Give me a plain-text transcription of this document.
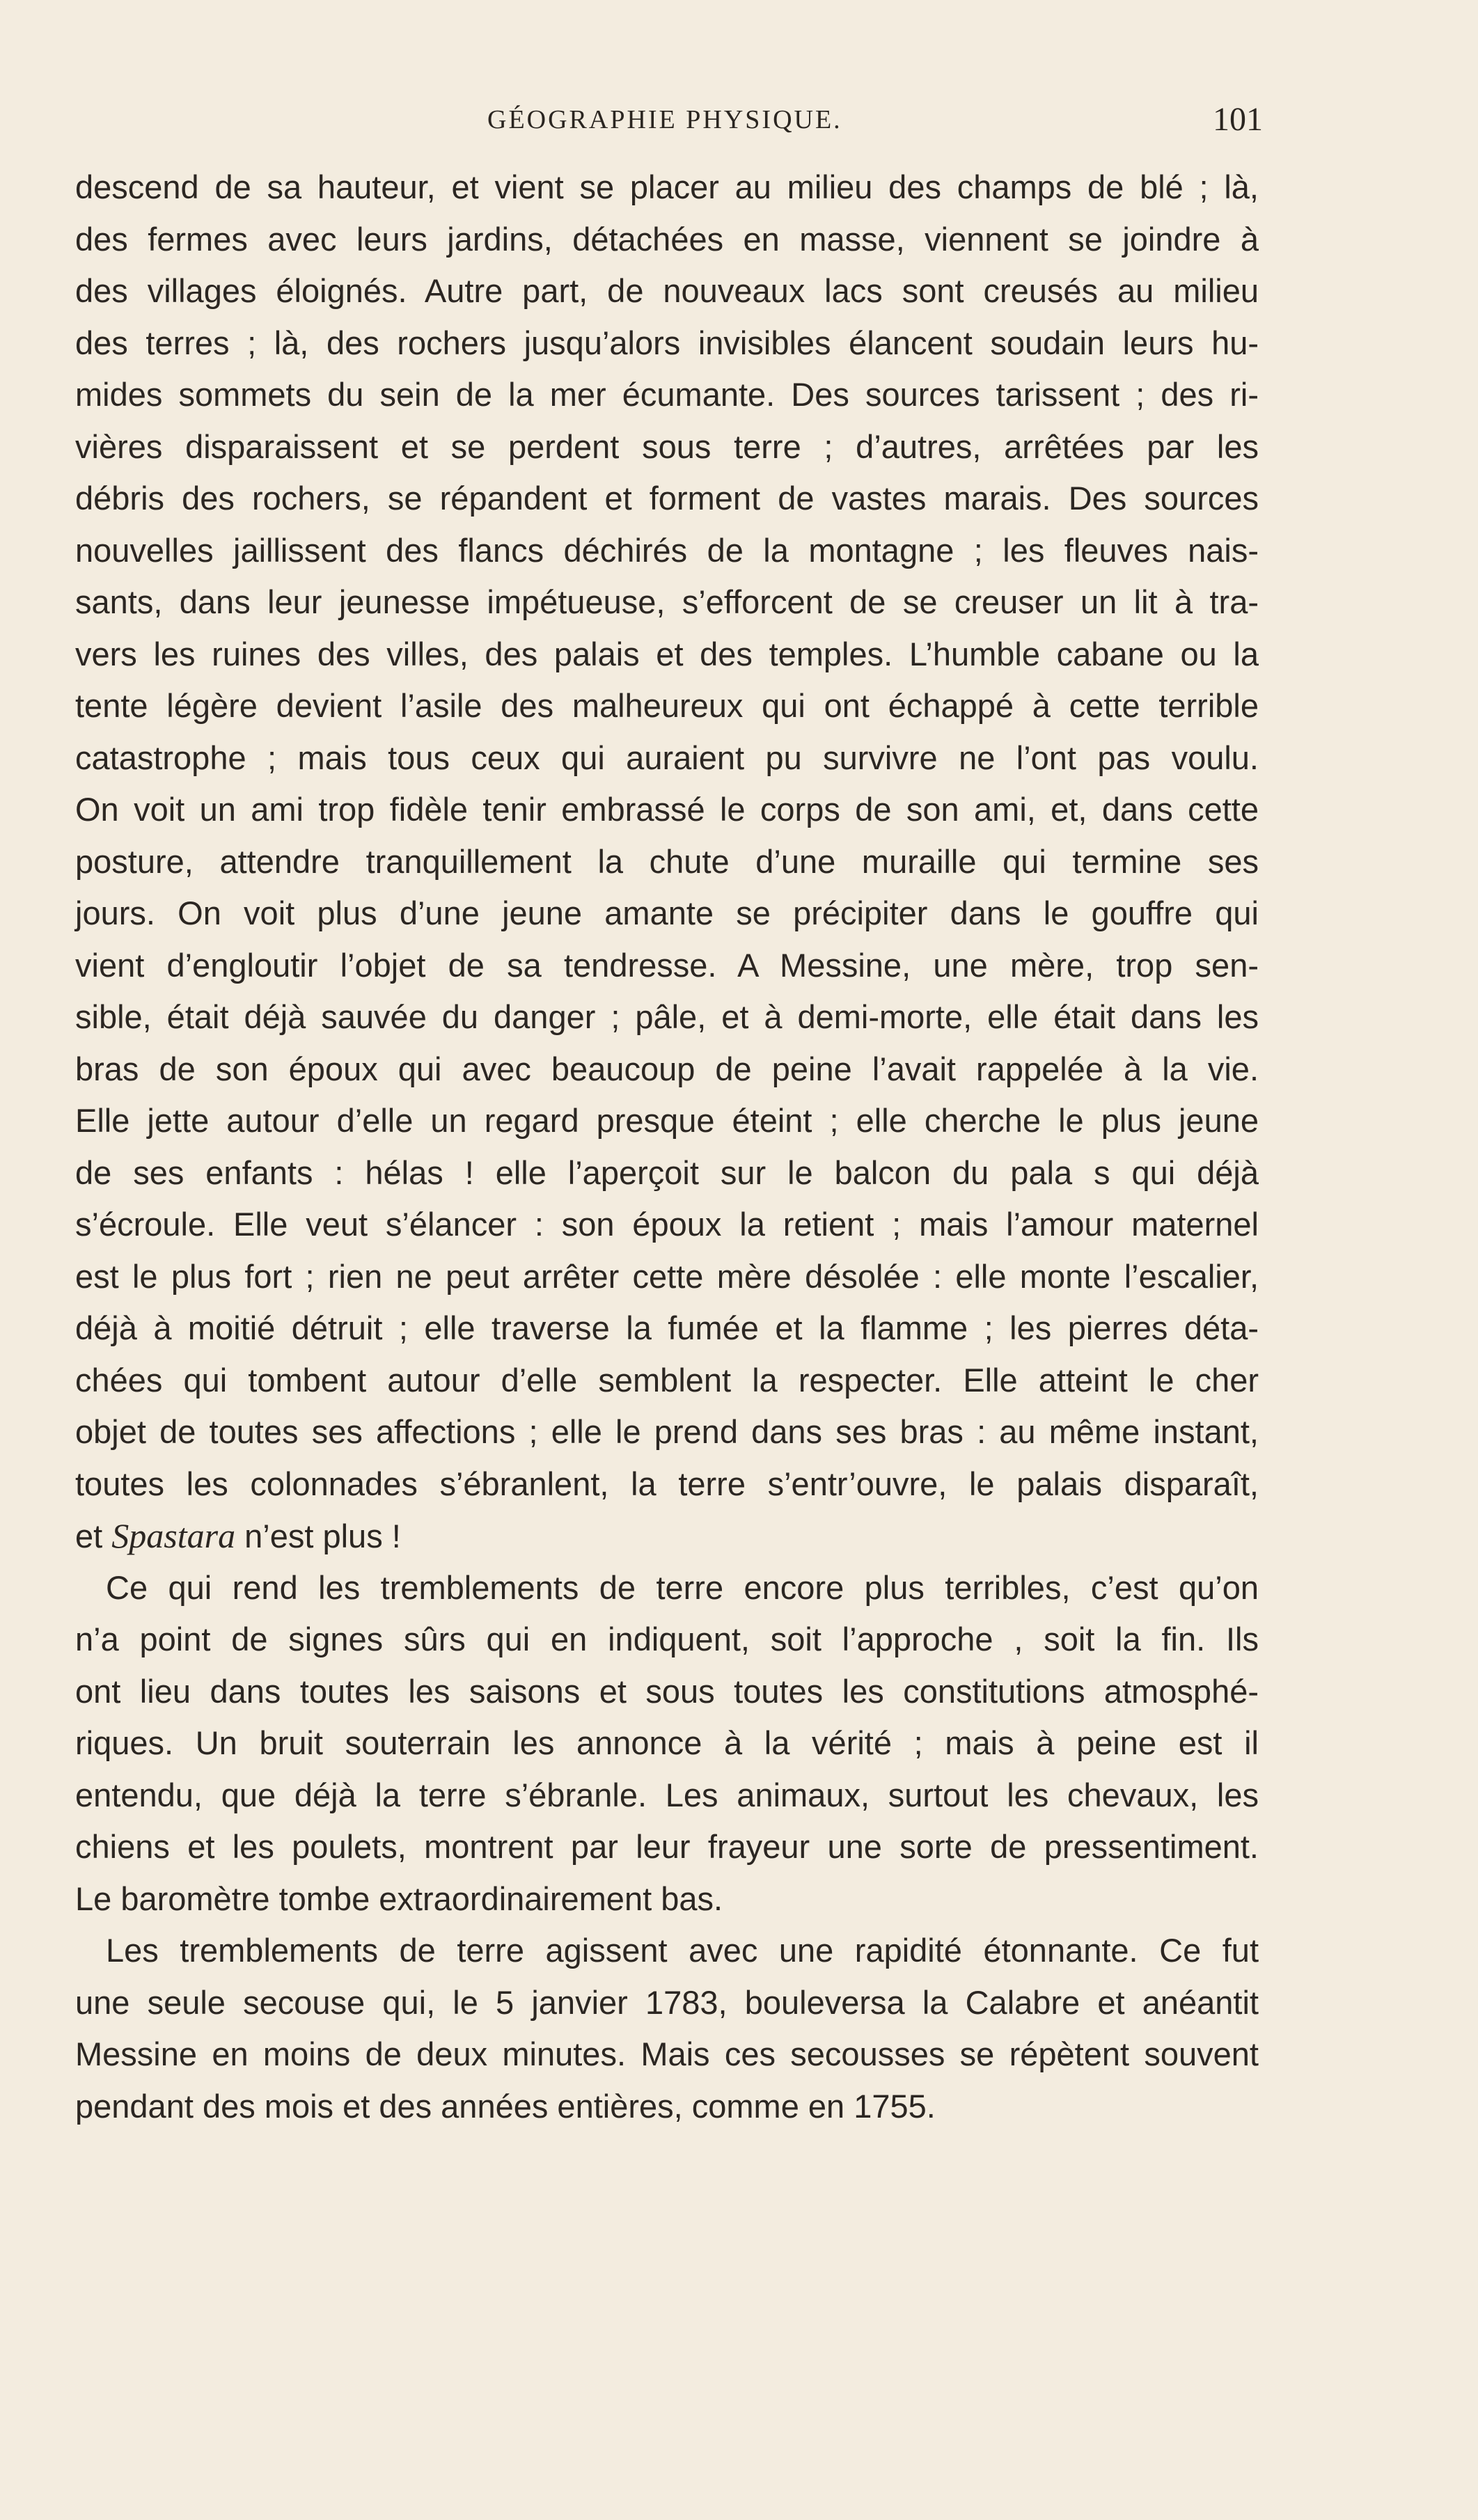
GÉOGRAPHIE PHYSIQUE.	101
descend de sa hauteur, et vient se placer au milieu des champs de blé ; là,
des fermes avec leurs jardins, détachées en masse, viennent se joindre à
des villages éloignés. Autre part, de nouveaux lacs sont creusés au milieu
des terres ; là, des rochers jusqu’alors invisibles élancent soudain leurs hu-
mides sommets du sein de la mer écumante. Des sources tarissent ; des ri-
vières disparaissent et se perdent sous terre ; d’autres, arrêtées par les
débris des rochers, se répandent et forment de vastes marais. Des sources
nouvelles jaillissent des flancs déchirés de la montagne ; les fleuves nais-
sants, dans leur jeunesse impétueuse, s’efforcent de se creuser un lit à tra-
vers les ruines des villes, des palais et des temples. L’humble cabane ou la
tente légère devient l’asile des malheureux qui ont échappé à cette terrible
catastrophe ; mais tous ceux qui auraient pu survivre ne l’ont pas voulu.
On voit un ami trop fidèle tenir embrassé le corps de son ami, et, dans cette
posture, attendre tranquillement la chute d’une muraille qui termine ses
jours. On voit plus d’une jeune amante se précipiter dans le gouffre qui
vient d’engloutir l’objet de sa tendresse. A Messine, une mère, trop sen-
sible, était déjà sauvée du danger ; pâle, et à demi-morte, elle était dans les
bras de son époux qui avec beaucoup de peine l’avait rappelée à la vie.
Elle jette autour d’elle un regard presque éteint ; elle cherche le plus jeune
de ses enfants : hélas ! elle l’aperçoit sur le balcon du pala s qui déjà
s’écroule. Elle veut s’élancer : son époux la retient ; mais l’amour maternel
est le plus fort ; rien ne peut arrêter cette mère désolée : elle monte l’escalier,
déjà à moitié détruit ; elle traverse la fumée et la flamme ; les pierres déta-
chées qui tombent autour d’elle semblent la respecter. Elle atteint le cher
objet de toutes ses affections ; elle le prend dans ses bras : au même instant,
toutes les colonnades s’ébranlent, la terre s’entr’ouvre, le palais disparaît,
et Spastara n’est plus !
Ce qui rend les tremblements de terre encore plus terribles, c’est qu’on
n’a point de signes sûrs qui en indiquent, soit l’approche , soit la fin. Ils
ont lieu dans toutes les saisons et sous toutes les constitutions atmosphé-
riques. Un bruit souterrain les annonce à la vérité ; mais à peine est il
entendu, que déjà la terre s’ébranle. Les animaux, surtout les chevaux, les
chiens et les poulets, montrent par leur frayeur une sorte de pressentiment.
Le baromètre tombe extraordinairement bas.
Les tremblements de terre agissent avec une rapidité étonnante. Ce fut
une seule secouse qui, le 5 janvier 1783, bouleversa la Calabre et anéantit
Messine en moins de deux minutes. Mais ces secousses se répètent souvent
pendant des mois et des années entières, comme en 1755.
